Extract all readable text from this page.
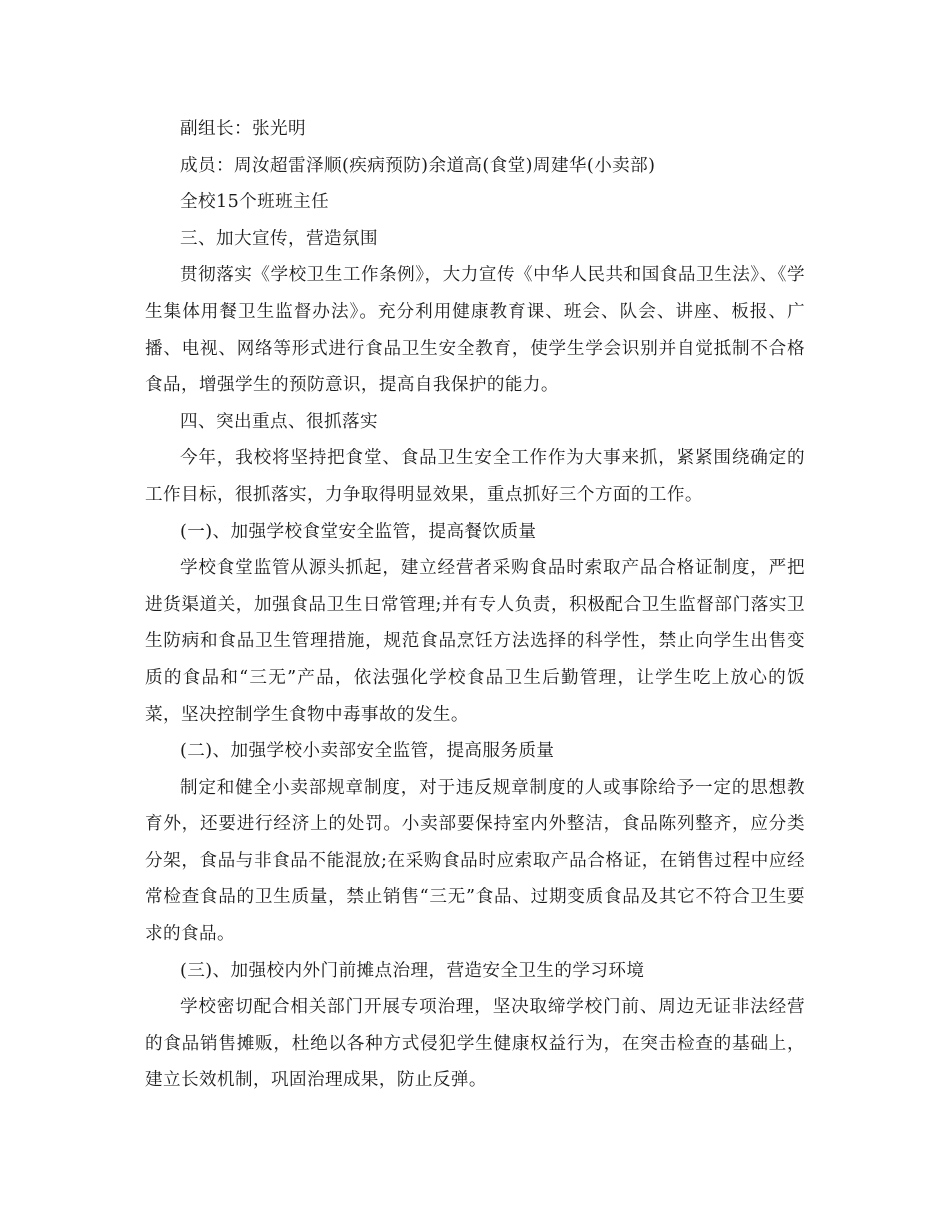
副组长：张光明

成员：周汝超雷泽顺(疾病预防)余道高(食堂)周建华(小卖部)

全校15个班班主任

三、加大宣传，营造氛围

贯彻落实《学校卫生工作条例》，大力宣传《中华人民共和国食品卫生法》、《学生集体用餐卫生监督办法》。充分利用健康教育课、班会、队会、讲座、板报、广播、电视、网络等形式进行食品卫生安全教育，使学生学会识别并自觉抵制不合格食品，增强学生的预防意识，提高自我保护的能力。

四、突出重点、很抓落实

今年，我校将坚持把食堂、食品卫生安全工作作为大事来抓，紧紧围绕确定的工作目标，很抓落实，力争取得明显效果，重点抓好三个方面的工作。

(一)、加强学校食堂安全监管，提高餐饮质量

学校食堂监管从源头抓起，建立经营者采购食品时索取产品合格证制度，严把进货渠道关，加强食品卫生日常管理;并有专人负责，积极配合卫生监督部门落实卫生防病和食品卫生管理措施，规范食品烹饪方法选择的科学性，禁止向学生出售变质的食品和“三无”产品，依法强化学校食品卫生后勤管理，让学生吃上放心的饭菜，坚决控制学生食物中毒事故的发生。

(二)、加强学校小卖部安全监管，提高服务质量

制定和健全小卖部规章制度，对于违反规章制度的人或事除给予一定的思想教育外，还要进行经济上的处罚。小卖部要保持室内外整洁，食品陈列整齐，应分类分架，食品与非食品不能混放;在采购食品时应索取产品合格证，在销售过程中应经常检查食品的卫生质量，禁止销售“三无”食品、过期变质食品及其它不符合卫生要求的食品。

(三)、加强校内外门前摊点治理，营造安全卫生的学习环境

学校密切配合相关部门开展专项治理，坚决取缔学校门前、周边无证非法经营的食品销售摊贩，杜绝以各种方式侵犯学生健康权益行为，在突击检查的基础上，建立长效机制，巩固治理成果，防止反弹。
